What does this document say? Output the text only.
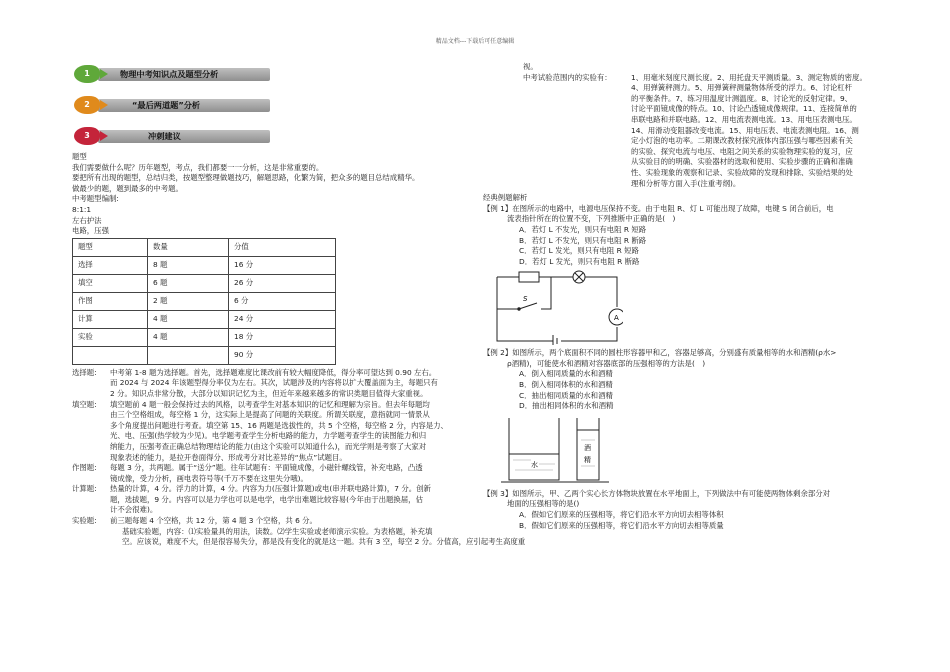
精品文档---下载后可任意编辑
1	物理中考知识点及题型分析
2	“最后两道题”分析
3	冲刺建议
题型
我们需要做什么呢？历年题型，考点，我们都要一一分析，这是非常重要的。
要把所有出现的题型，总结归类，按题型整理做题技巧，解题思路，化繁为简，把众多的题目总结成精华。
做最少的题，题到最多的中考题。
中考题型编制:
8:1:1
左右护法
电路，压强
题型	数量	分值
选择	8 题	16 分
填空	6 题	26 分
作图	2 题	6 分
计算	4 题	24 分
实验	4 题	18 分
		90 分
选择题:	中考第 1-8 题为选择题。首先，选择题难度比课改前有较大幅度降低，得分率可望达到 0.90 左右。
而 2024 与 2024 年该题型得分率仅为左右。其次，试题涉及的内容将以扩大覆盖面为主，每题只有
2 分。知识点非常分散，大部分以知识记忆为主，但近年来越来越多的常识类题目值得大家重视。
填空题:	填空题前 4 题一般会保持过去的风格，以考查学生对基本知识的记忆和理解为宗旨。但去年每题均
由三个空格组成，每空格 1 分，这实际上是提高了问题的关联度。所谓关联度，意指就同一情景从
多个角度提出问题进行考查。填空第 15、16 两题是选拔性的，共 5 个空格，每空格 2 分，内容是力、
光、电、压强(热学较为少见)。电学题考查学生分析电路的能力，力学题考查学生的读图能力和归
纳能力，压强考查正确总结物理结论的能力(由这个实验可以知道什么)，而光学则是考察了大家对
现象表述的能力，是拉开卷面得分、形成考分对比差异的“焦点”试题目。
作图题:	每题 3 分，共两题。属于“送分”题。往年试题有：平面镜成像，小磁针螺线管，补充电路，凸透
镜成像，受力分析，画电表符号等(千万不要在这里失分哦)。
计算题:	热量的计算，4 分。浮力的计算，4 分。内容为力(压强计算题)或电(串并联电路计算)，7 分。创新
题，选拔题，9 分。内容可以是力学也可以是电学，电学出难题比较容易(今年由于出题换届，估
计不会很难)。
实验题:	前三题每题 4 个空格，共 12 分，第 4 题 3 个空格，共 6 分。
基础实验题，内容：⑴实验量具的用法，读数。⑵学生实验或老师演示实验。为表格题，补充填
空。应该说，难度不大，但是很容易失分，都是没有变化的就是这一题。共有 3 空，每空 2 分。分值高，应引起考生高度重
视。
中考试验范围内的实验有：	1、用毫米刻度尺测长度。2、用托盘天平测质量。3、测定物质的密度。
4、用弹簧秤测力。5、用弹簧秤测量物体所受的浮力。6、讨论杠杆
的平衡条件。7、练习用温度计测温度。8、讨论光的反射定律。9、
讨论平面镜成像的特点。10、讨论凸透镜成像规律。11、连接简单的
串联电路和并联电路。12、用电流表测电流。13、用电压表测电压。
14、用滑动变阻器改变电流。15、用电压表、电流表测电阻。16、测
定小灯泡的电功率。二期课改教材探究液体内部压强与哪些因素有关
的实验、探究电流与电压、电阻之间关系的实验物理实验的复习，应
从实验目的的明确、实验器材的选取和使用、实验步骤的正确和准确
性、实验现象的观察和记录、实验故障的发现和排除、实验结果的处
理和分析等方面入手(注重考纲)。
经典例题解析
【例 1】在图所示的电路中，电源电压保持不变。由于电阻 R、灯 L 可能出现了故障，电键 S 闭合前后，电
流表指针所在的位置不变，下列推断中正确的是(　)
A．若灯 L 不发光，则只有电阻 R 短路
B．若灯 L 不发光，则只有电阻 R 断路
C．若灯 L 发光，则只有电阻 R 短路
D．若灯 L 发光，则只有电阻 R 断路
S
A
【例 2】如图所示，两个底面积不同的圆柱形容器甲和乙，容器足够高，分别盛有质量相等的水和酒精(ρ水>
ρ酒精)，可能使水和酒精对容器底部的压强相等的方法是(　)
A．倒入相同质量的水和酒精
B．倒入相同体积的水和酒精
C．抽出相同质量的水和酒精
D．抽出相同体积的水和酒精
水
酒
精
【例 3】如图所示，甲、乙两个实心长方体物块放置在水平地面上，下列做法中有可能使两物体剩余部分对
地面的压强相等的是()
A．假如它们原来的压强相等，将它们沿水平方向切去相等体积
B．假如它们原来的压强相等，将它们沿水平方向切去相等质量
